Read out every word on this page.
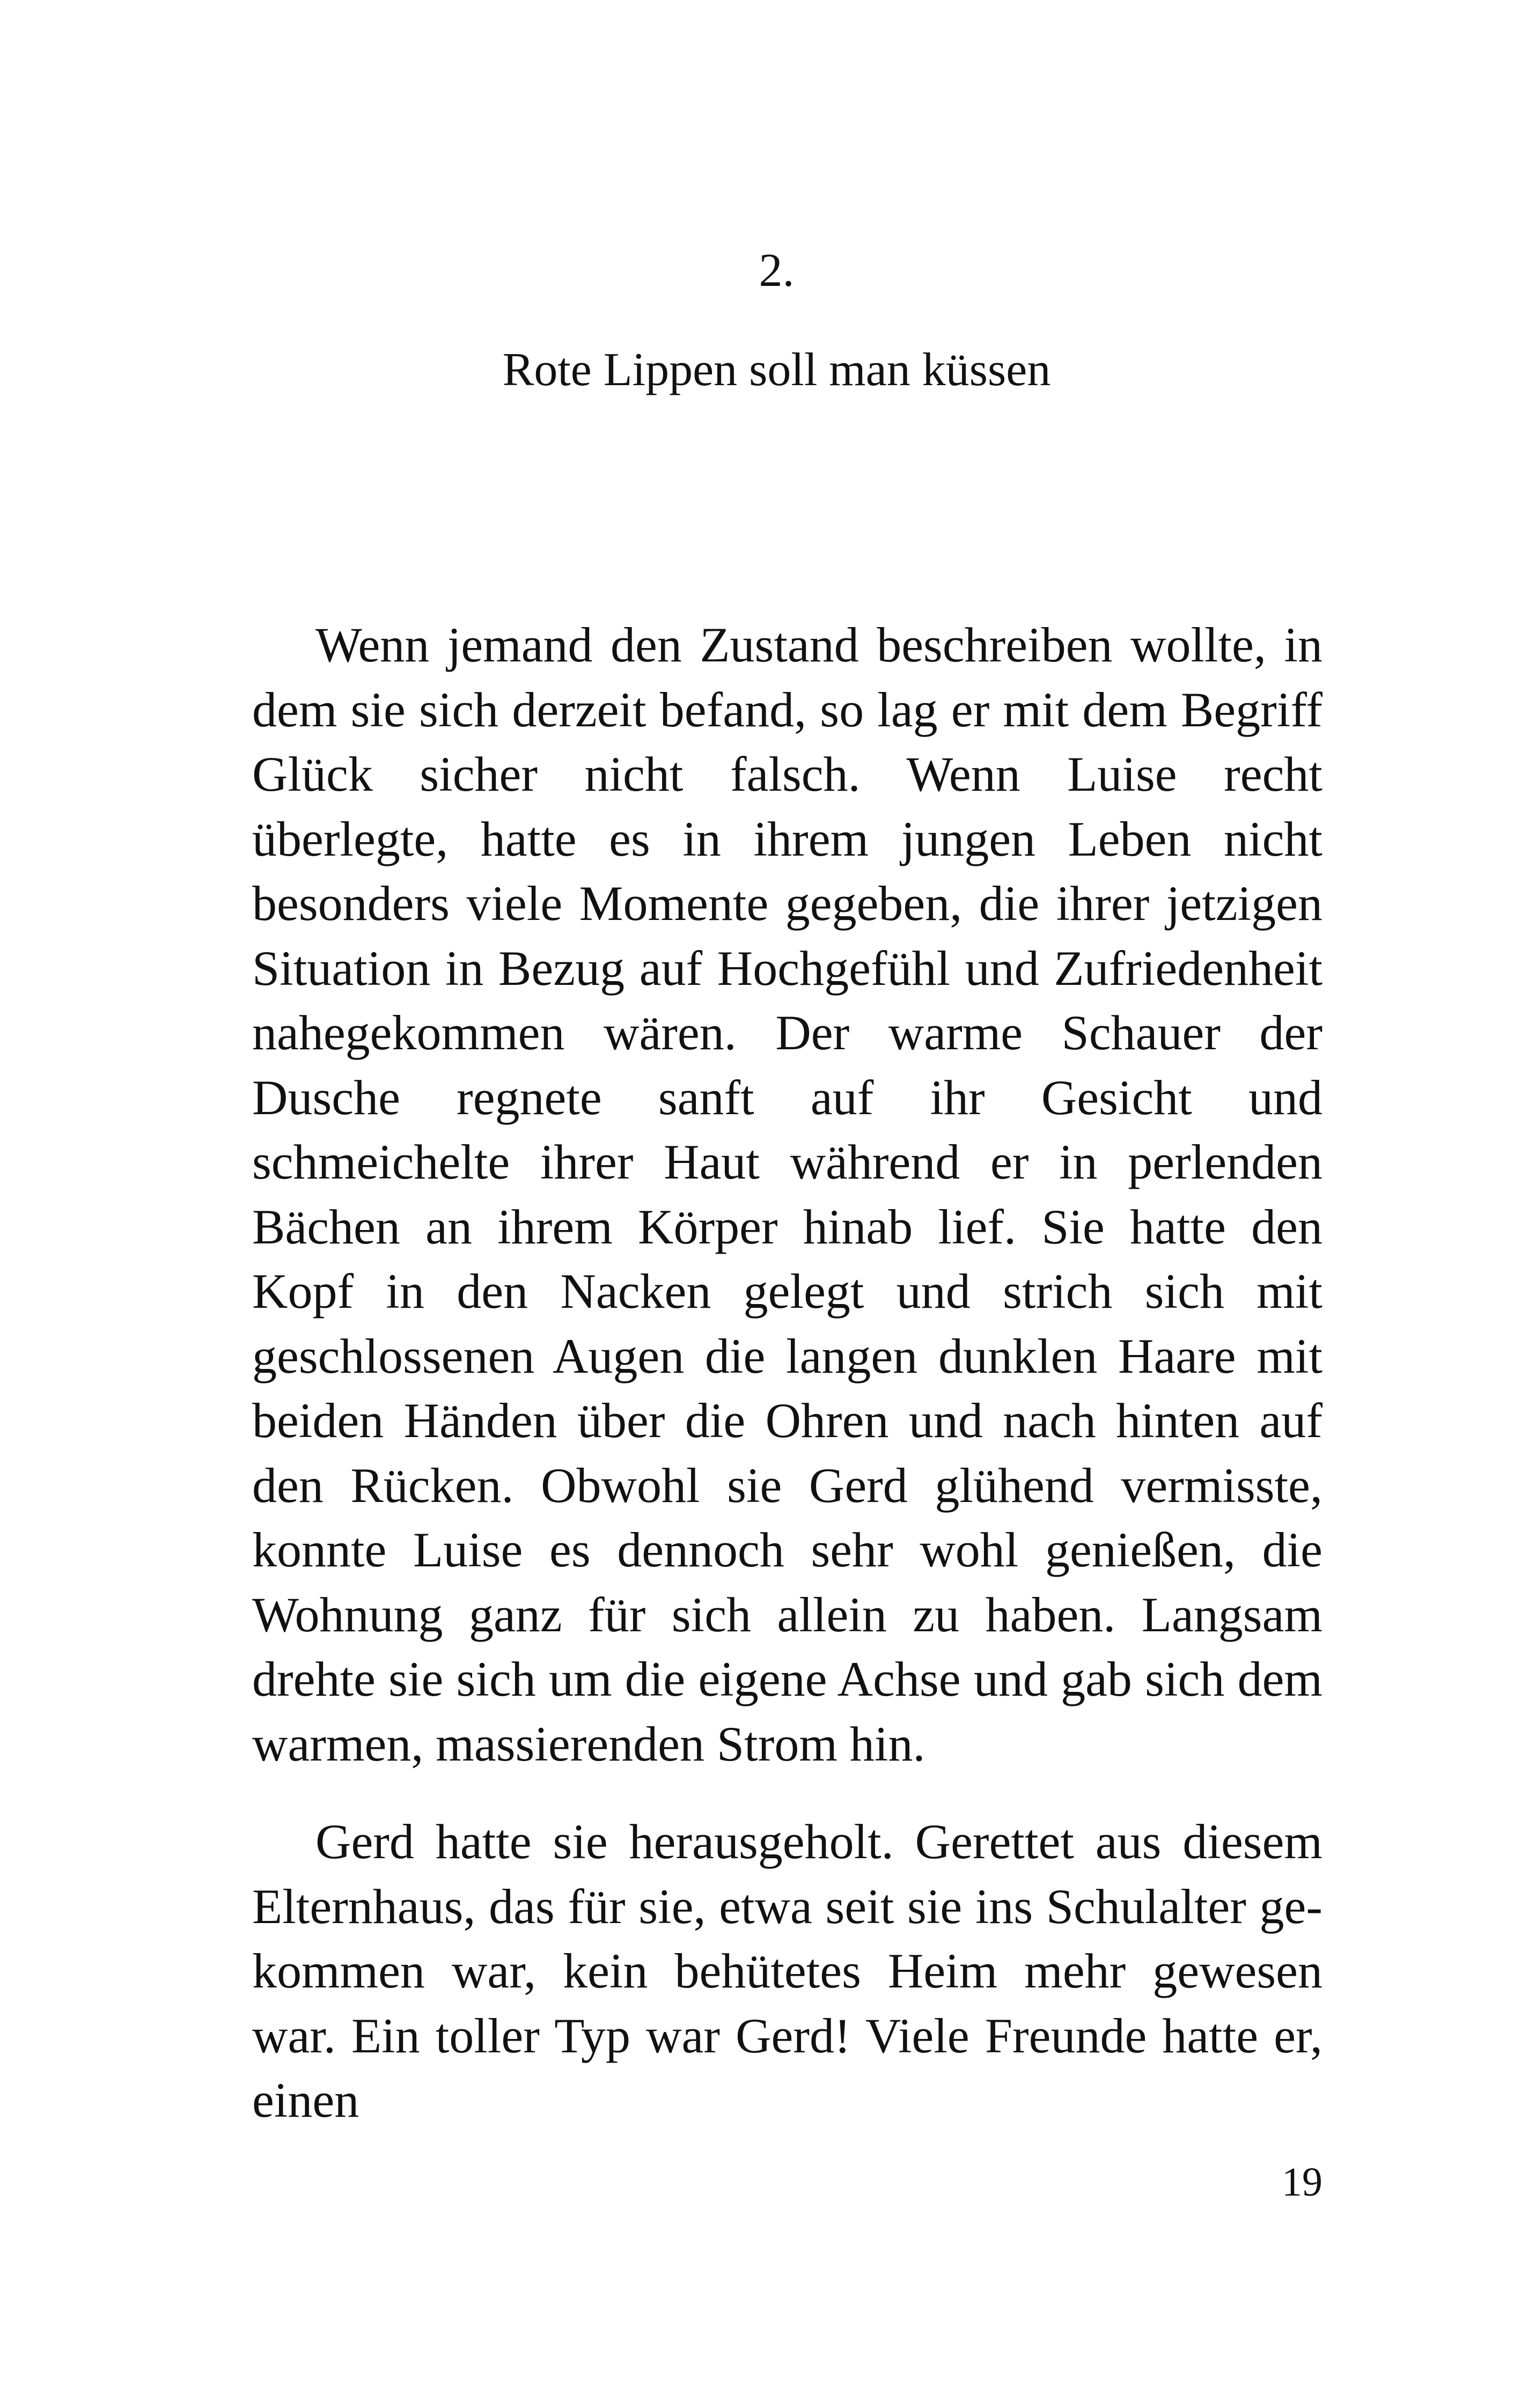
2.

Rote Lippen soll man küssen

Wenn jemand den Zustand beschreiben wollte, in dem sie sich derzeit befand, so lag er mit dem Begriff Glück sicher nicht falsch. Wenn Luise recht überlegte, hatte es in ihrem jungen Leben nicht besonders viele Momente gegeben, die ihrer jetzigen Situation in Bezug auf Hochgefühl und Zufriedenheit nahegekommen wären. Der warme Schauer der Dusche regnete sanft auf ihr Gesicht und schmeichelte ihrer Haut während er in perlenden Bächen an ihrem Körper hinab lief. Sie hatte den Kopf in den Nacken gelegt und strich sich mit geschlossenen Augen die langen dunklen Haare mit beiden Händen über die Ohren und nach hinten auf den Rücken. Obwohl sie Gerd glühend vermisste, konnte Luise es dennoch sehr wohl genießen, die Wohnung ganz für sich allein zu haben. Langsam drehte sie sich um die eigene Achse und gab sich dem warmen, massierenden Strom hin.

Gerd hatte sie herausgeholt. Gerettet aus diesem Elternhaus, das für sie, etwa seit sie ins Schulalter gekommen war, kein behütetes Heim mehr gewesen war. Ein toller Typ war Gerd! Viele Freunde hatte er, einen

19
